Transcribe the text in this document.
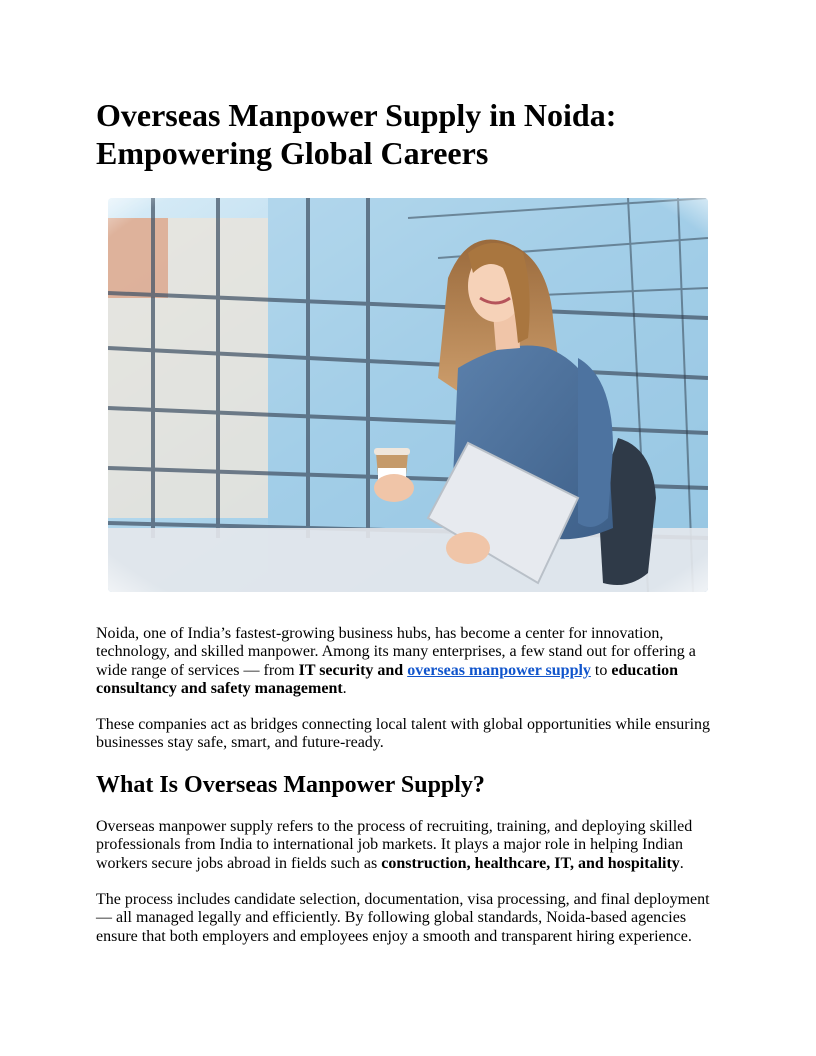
Overseas Manpower Supply in Noida:
Empowering Global Careers

Noida, one of India’s fastest-growing business hubs, has become a center for innovation, technology, and skilled manpower. Among its many enterprises, a few stand out for offering a wide range of services — from IT security and overseas manpower supply to education consultancy and safety management.

These companies act as bridges connecting local talent with global opportunities while ensuring businesses stay safe, smart, and future-ready.

What Is Overseas Manpower Supply?

Overseas manpower supply refers to the process of recruiting, training, and deploying skilled professionals from India to international job markets. It plays a major role in helping Indian workers secure jobs abroad in fields such as construction, healthcare, IT, and hospitality.

The process includes candidate selection, documentation, visa processing, and final deployment — all managed legally and efficiently. By following global standards, Noida-based agencies ensure that both employers and employees enjoy a smooth and transparent hiring experience.
